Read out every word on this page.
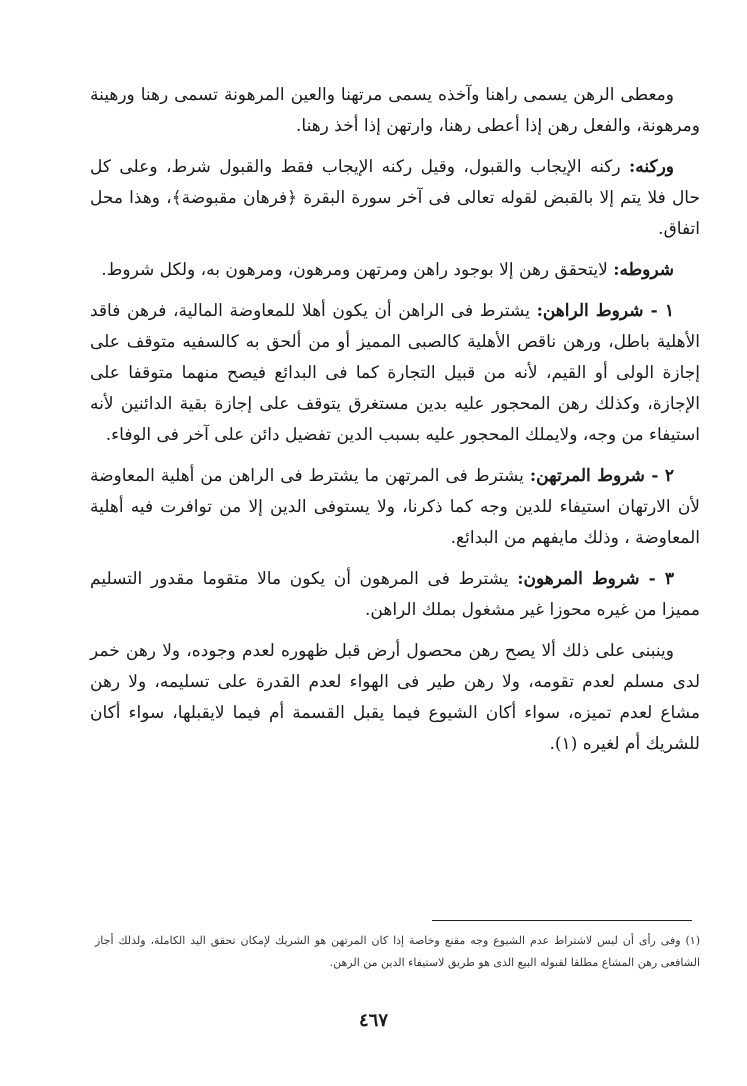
ومعطى الرهن يسمى راهنا وآخذه يسمى مرتهنا والعين المرهونة تسمى رهنا ورهينة ومرهونة، والفعل رهن إذا أعطى رهنا، وارتهن إذا أخذ رهنا.

وركنه: ركنه الإيجاب والقبول، وقيل ركنه الإيجاب فقط والقبول شرط، وعلى كل حال فلا يتم إلا بالقبض لقوله تعالى فى آخر سورة البقرة ﴿فرهان مقبوضة﴾، وهذا محل اتفاق.

شروطه: لايتحقق رهن إلا بوجود راهن ومرتهن ومرهون، ومرهون به، ولكل شروط.

١ - شروط الراهن: يشترط فى الراهن أن يكون أهلا للمعاوضة المالية، فرهن فاقد الأهلية باطل، ورهن ناقص الأهلية كالصبى المميز أو من ألحق به كالسفيه متوقف على إجازة الولى أو القيم، لأنه من قبيل التجارة كما فى البدائع فيصح منهما متوقفا على الإجازة، وكذلك رهن المحجور عليه بدين مستغرق يتوقف على إجازة بقية الدائنين لأنه استيفاء من وجه، ولايملك المحجور عليه بسبب الدين تفضيل دائن على آخر فى الوفاء.

٢ - شروط المرتهن: يشترط فى المرتهن ما يشترط فى الراهن من أهلية المعاوضة لأن الارتهان استيفاء للدين وجه كما ذكرنا، ولا يستوفى الدين إلا من توافرت فيه أهلية المعاوضة ، وذلك مايفهم من البدائع.

٣ - شروط المرهون: يشترط فى المرهون أن يكون مالا متقوما مقدور التسليم مميزا من غيره محوزا غير مشغول بملك الراهن.

وينبنى على ذلك ألا يصح رهن محصول أرض قبل ظهوره لعدم وجوده، ولا رهن خمر لدى مسلم لعدم تقومه، ولا رهن طير فى الهواء لعدم القدرة على تسليمه، ولا رهن مشاع لعدم تميزه، سواء أكان الشيوع فيما يقبل القسمة أم فيما لايقبلها، سواء أكان للشريك أم لغيره (١).

(١) وفى رأى أن ليس لاشتراط عدم الشيوع وجه مقنع وخاصة إذا كان المرتهن هو الشريك لإمكان تحقق اليد الكاملة، ولذلك أجاز الشافعى رهن المشاع مطلقا لقبوله البيع الذى هو طريق لاستيفاء الدين من الرهن.
٤٦٧
